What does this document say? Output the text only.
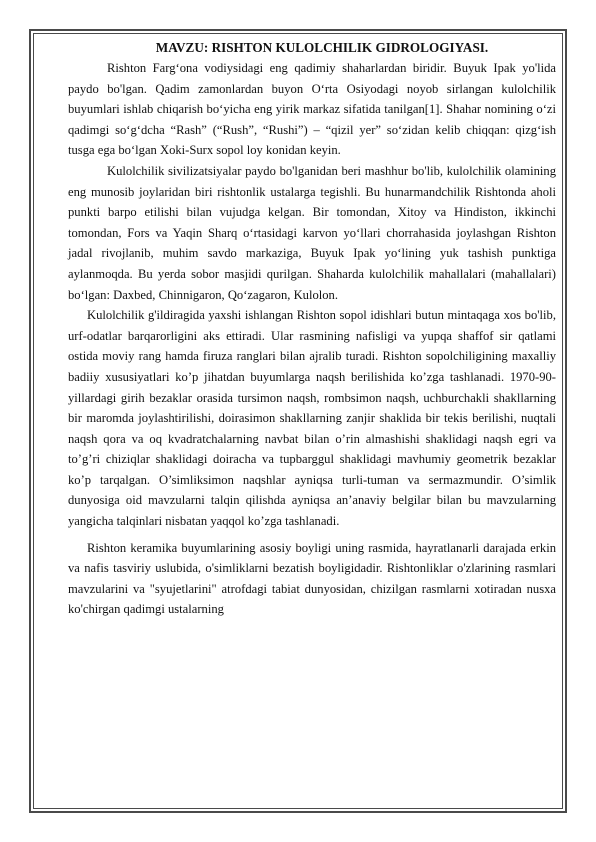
MAVZU: RISHTON KULOLCHILIK GIDROLOGIYASI.

Rishton Farg‘ona vodiysidagi eng qadimiy shaharlardan biridir. Buyuk Ipak yo'lida paydo bo'lgan. Qadim zamonlardan buyon O‘rta Osiyodagi noyob sirlangan kulolchilik buyumlari ishlab chiqarish bo‘yicha eng yirik markaz sifatida tanilgan[1]. Shahar nomining o‘zi qadimgi so‘g‘dcha “Rash” (“Rush”, “Rushi”) – “qizil yer” so‘zidan kelib chiqqan: qizg‘ish tusga ega bo‘lgan Xoki-Surx sopol loy konidan keyin.

Kulolchilik sivilizatsiyalar paydo bo'lganidan beri mashhur bo'lib, kulolchilik olamining eng munosib joylaridan biri rishtonlik ustalarga tegishli. Bu hunarmandchilik Rishtonda aholi punkti barpo etilishi bilan vujudga kelgan. Bir tomondan, Xitoy va Hindiston, ikkinchi tomondan, Fors va Yaqin Sharq o‘rtasidagi karvon yo‘llari chorrahasida joylashgan Rishton jadal rivojlanib, muhim savdo markaziga, Buyuk Ipak yo‘lining yuk tashish punktiga aylanmoqda. Bu yerda sobor masjidi qurilgan. Shaharda kulolchilik mahallalari (mahallalari) bo‘lgan: Daxbed, Chinnigaron, Qo‘zagaron, Kulolon.

Kulolchilik g'ildiragida yaxshi ishlangan Rishton sopol idishlari butun mintaqaga xos bo'lib, urf-odatlar barqarorligini aks ettiradi. Ular rasmining nafisligi va yupqa shaffof sir qatlami ostida moviy rang hamda firuza ranglari bilan ajralib turadi. Rishton sopolchiligining maxalliy badiiy xususiyatlari ko’p jihatdan buyumlarga naqsh berilishida ko’zga tashlanadi. 1970-90-yillardagi girih bezaklar orasida tursimon naqsh, rombsimon naqsh, uchburchakli shakllarning bir maromda joylashtirilishi, doirasimon shakllarning zanjir shaklida bir tekis berilishi, nuqtali naqsh qora va oq kvadratchalarning navbat bilan o’rin almashishi shaklidagi naqsh egri va to’g’ri chiziqlar shaklidagi doiracha va tupbarggul shaklidagi mavhumiy geometrik bezaklar ko’p tarqalgan. O’simliksimon naqshlar ayniqsa turli-tuman va sermazmundir. O’simlik dunyosiga oid mavzularni talqin qilishda ayniqsa an’anaviy belgilar bilan bu mavzularning yangicha talqinlari nisbatan yaqqol ko’zga tashlanadi.

Rishton keramika buyumlarining asosiy boyligi uning rasmida, hayratlanarli darajada erkin va nafis tasviriy uslubida, o'simliklarni bezatish boyligidadir. Rishtonliklar o'zlarining rasmlari mavzularini va "syujetlarini" atrofdagi tabiat dunyosidan, chizilgan rasmlarni xotiradan nusxa ko'chirgan qadimgi ustalarning
